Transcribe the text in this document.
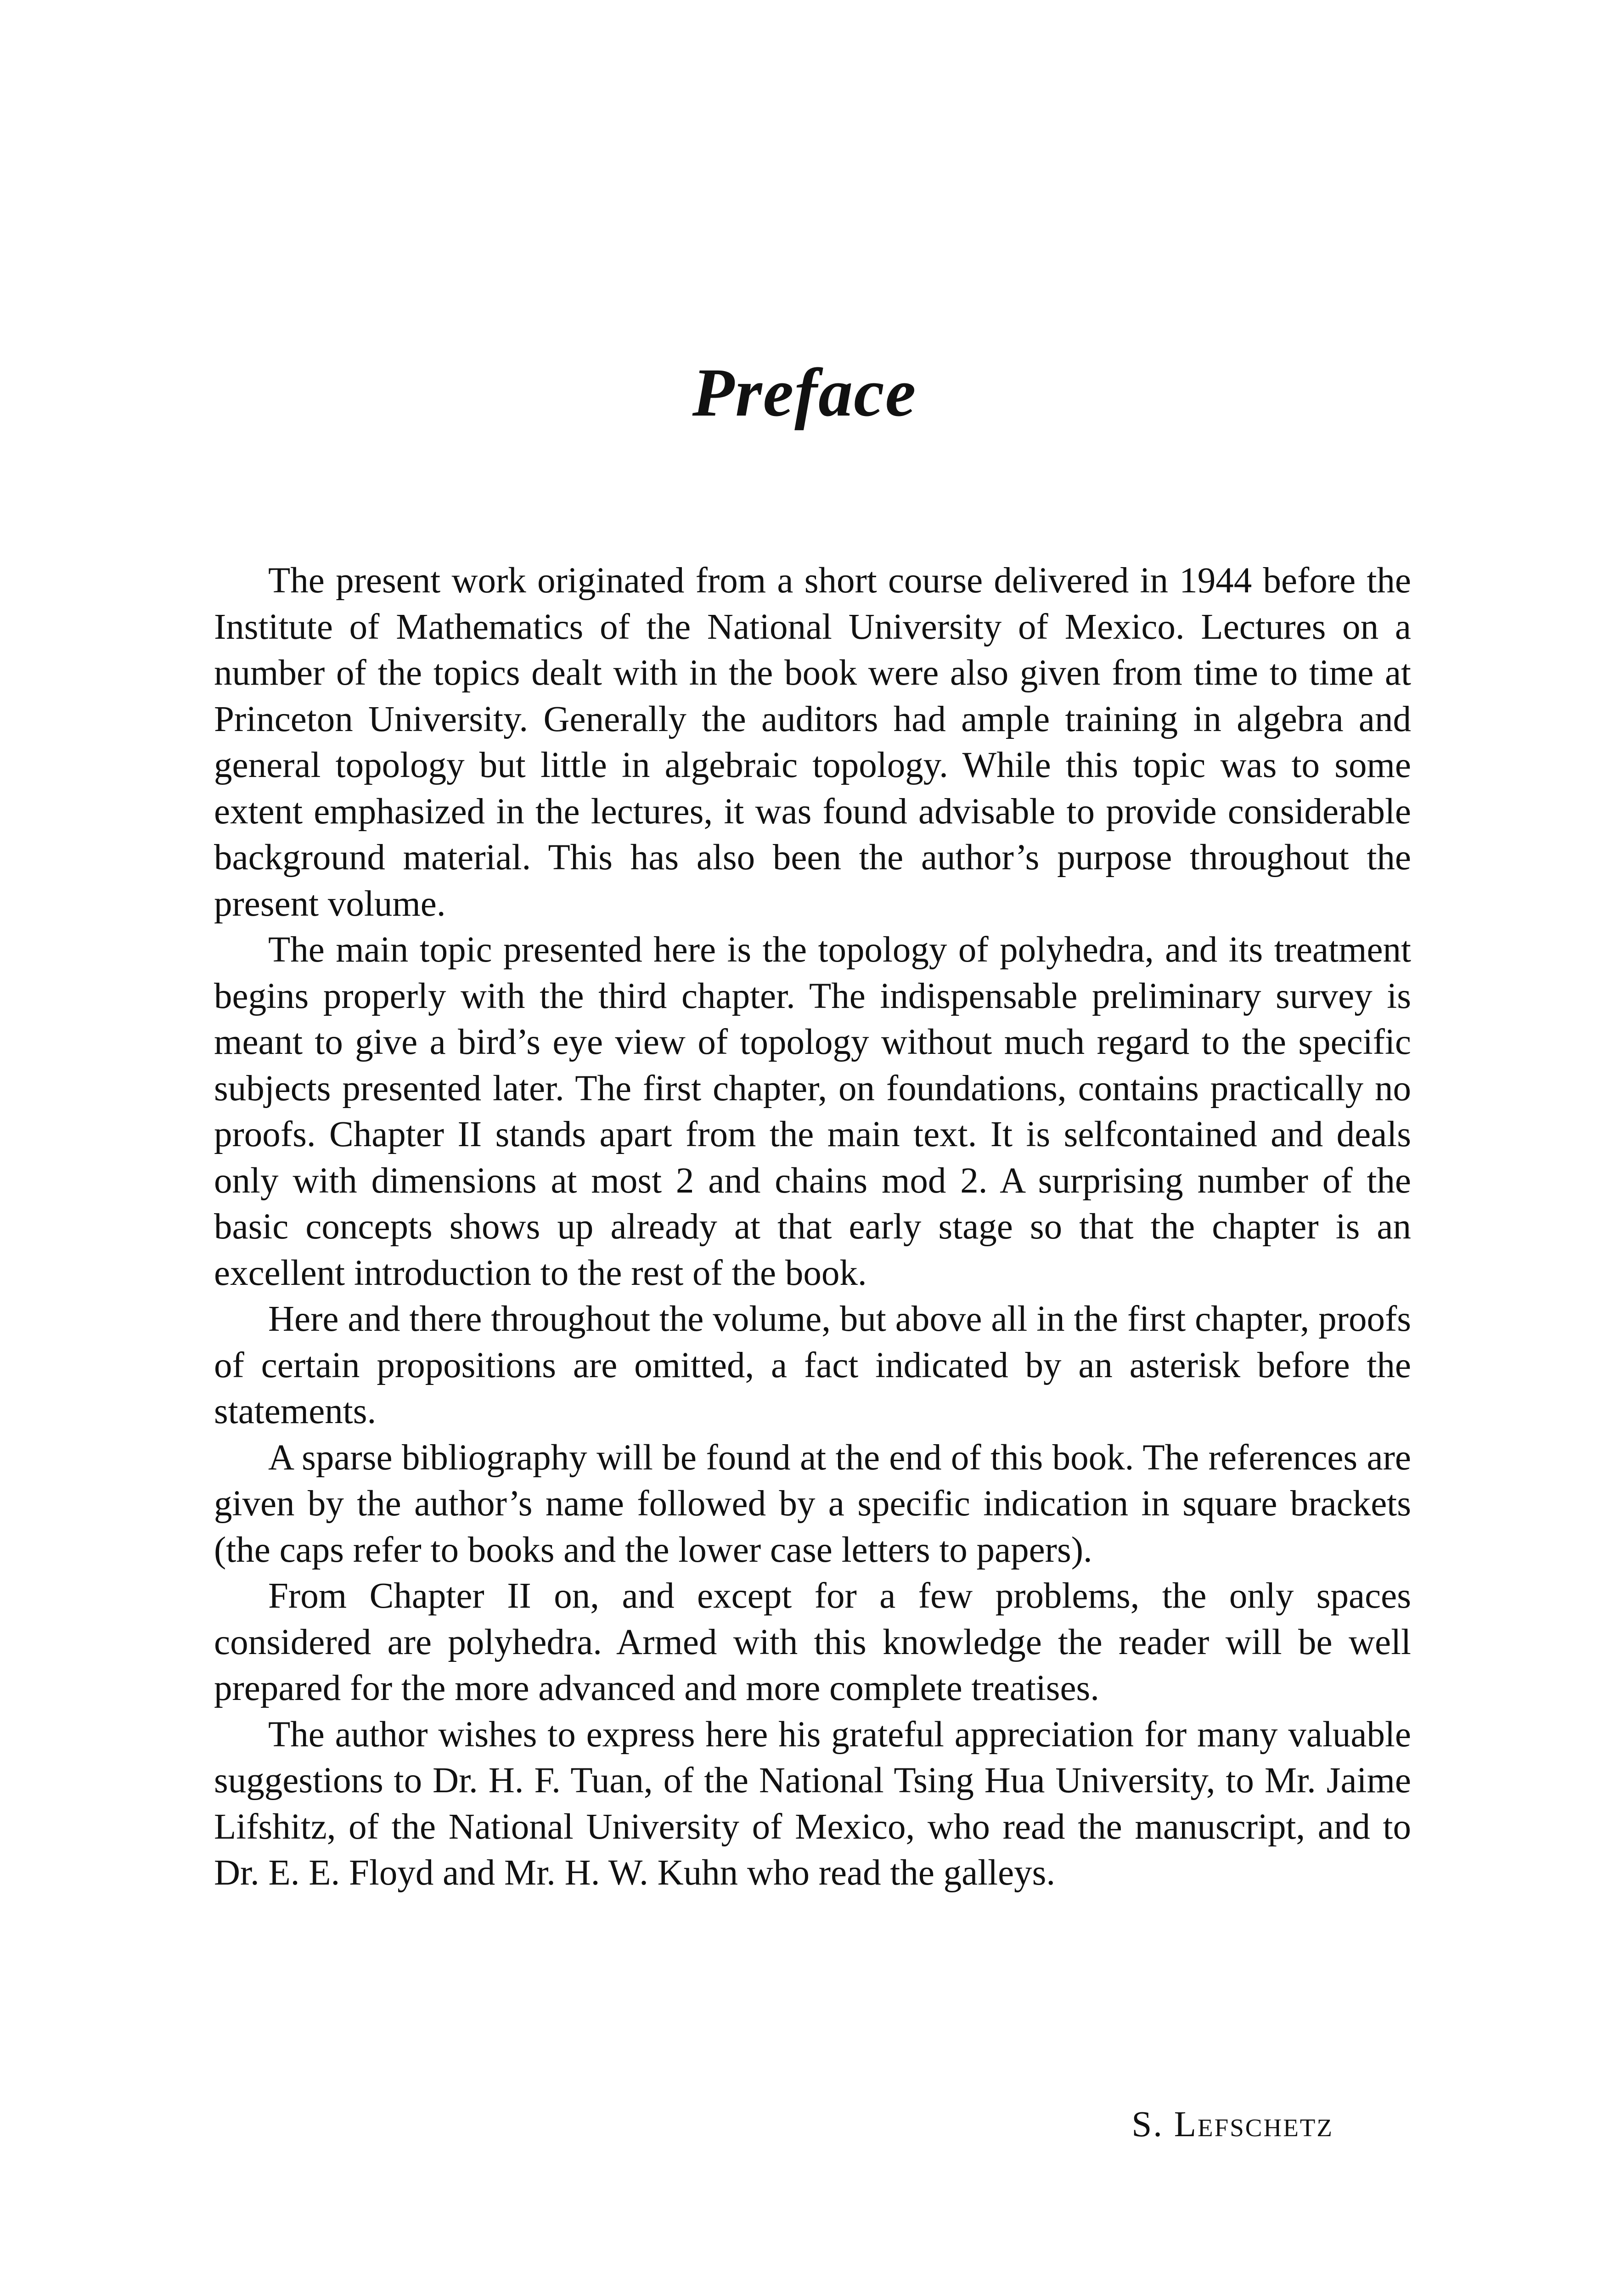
Preface

The present work originated from a short course delivered in 1944 before the Institute of Mathematics of the National University of Mexico. Lectures on a number of the topics dealt with in the book were also given from time to time at Princeton University. Generally the auditors had ample training in algebra and general topology but little in algebraic topology. While this topic was to some extent emphasized in the lectures, it was found advisable to provide considerable background material. This has also been the author’s purpose throughout the present volume.

The main topic presented here is the topology of polyhedra, and its treatment begins properly with the third chapter. The indispensable preliminary survey is meant to give a bird’s eye view of topology without much regard to the specific subjects presented later. The first chapter, on foundations, contains practically no proofs. Chapter II stands apart from the main text. It is selfcontained and deals only with dimensions at most 2 and chains mod 2. A surprising number of the basic concepts shows up already at that early stage so that the chapter is an excellent introduction to the rest of the book.

Here and there throughout the volume, but above all in the first chapter, proofs of certain propositions are omitted, a fact indicated by an asterisk before the statements.

A sparse bibliography will be found at the end of this book. The references are given by the author’s name followed by a specific indication in square brackets (the caps refer to books and the lower case letters to papers).

From Chapter II on, and except for a few problems, the only spaces considered are polyhedra. Armed with this knowledge the reader will be well prepared for the more advanced and more complete treatises.

The author wishes to express here his grateful appreciation for many valuable suggestions to Dr. H. F. Tuan, of the National Tsing Hua University, to Mr. Jaime Lifshitz, of the National University of Mexico, who read the manuscript, and to Dr. E. E. Floyd and Mr. H. W. Kuhn who read the galleys.

S. Lefschetz
